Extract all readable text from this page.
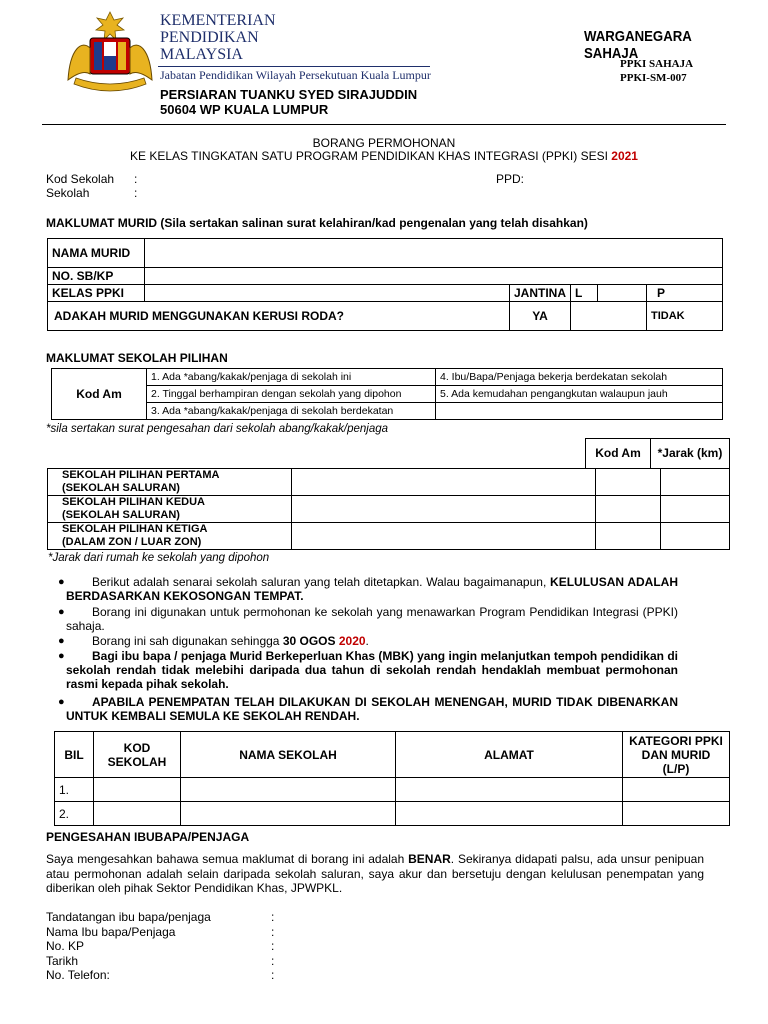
KEMENTERIAN
PENDIDIKAN
MALAYSIA
Jabatan Pendidikan Wilayah Persekutuan Kuala Lumpur
PERSIARAN TUANKU SYED SIRAJUDDIN
50604 WP KUALA LUMPUR
WARGANEGARA SAHAJA
PPKI SAHAJA
PPKI-SM-007
BORANG PERMOHONAN
KE KELAS TINGKATAN SATU PROGRAM PENDIDIKAN KHAS INTEGRASI (PPKI) SESI 2021
Kod Sekolah :
Sekolah	:
PPD:
MAKLUMAT MURID (Sila sertakan salinan surat kelahiran/kad pengenalan yang telah disahkan)
NAMA MURID					
NO. SB/KP					
KELAS PPKI		JANTINA	L		P
ADAKAH MURID MENGGUNAKAN KERUSI RODA?		YA			TIDAK
MAKLUMAT SEKOLAH PILIHAN
Kod Am	1. Ada *abang/kakak/penjaga di sekolah ini	4. Ibu/Bapa/Penjaga bekerja berdekatan sekolah
	2. Tinggal berhampiran dengan sekolah yang dipohon	5. Ada kemudahan pengangkutan walaupun jauh
	3. Ada *abang/kakak/penjaga di sekolah berdekatan	
*sila sertakan surat pengesahan dari sekolah abang/kakak/penjaga
Kod Am	*Jarak (km)
SEKOLAH PILIHAN PERTAMA
(SEKOLAH SALURAN)			

SEKOLAH PILIHAN KEDUA
(SEKOLAH SALURAN)			

SEKOLAH PILIHAN KETIGA
(DALAM ZON / LUAR ZON)			

*Jarak dari rumah ke sekolah yang dipohon
●	Berikut adalah senarai sekolah saluran yang telah ditetapkan. Walau bagaimanapun, KELULUSAN ADALAH BERDASARKAN KEKOSONGAN TEMPAT.
●	Borang ini digunakan untuk permohonan ke sekolah yang menawarkan Program Pendidikan Integrasi (PPKI) sahaja.
●	Borang ini sah digunakan sehingga 30 OGOS 2020.
●	Bagi ibu bapa / penjaga Murid Berkeperluan Khas (MBK) yang ingin melanjutkan tempoh pendidikan di sekolah rendah tidak melebihi daripada dua tahun di sekolah rendah hendaklah membuat permohonan rasmi kepada pihak sekolah.
●	APABILA PENEMPATAN TELAH DILAKUKAN DI SEKOLAH MENENGAH, MURID TIDAK DIBENARKAN UNTUK KEMBALI SEMULA KE SEKOLAH RENDAH.
BIL	KOD SEKOLAH	NAMA SEKOLAH	ALAMAT	KATEGORI PPKI DAN MURID (L/P)
1.				
2.				
PENGESAHAN IBUBAPA/PENJAGA
Saya mengesahkan bahawa semua maklumat di borang ini adalah BENAR. Sekiranya didapati palsu, ada unsur penipuan atau permohonan adalah selain daripada sekolah saluran, saya akur dan bersetuju dengan kelulusan penempatan yang diberikan oleh pihak Sektor Pendidikan Khas, JPWPKL.
Tandatangan ibu bapa/penjaga	:
Nama Ibu bapa/Penjaga	:
No. KP	:
Tarikh	:
No. Telefon:	:
